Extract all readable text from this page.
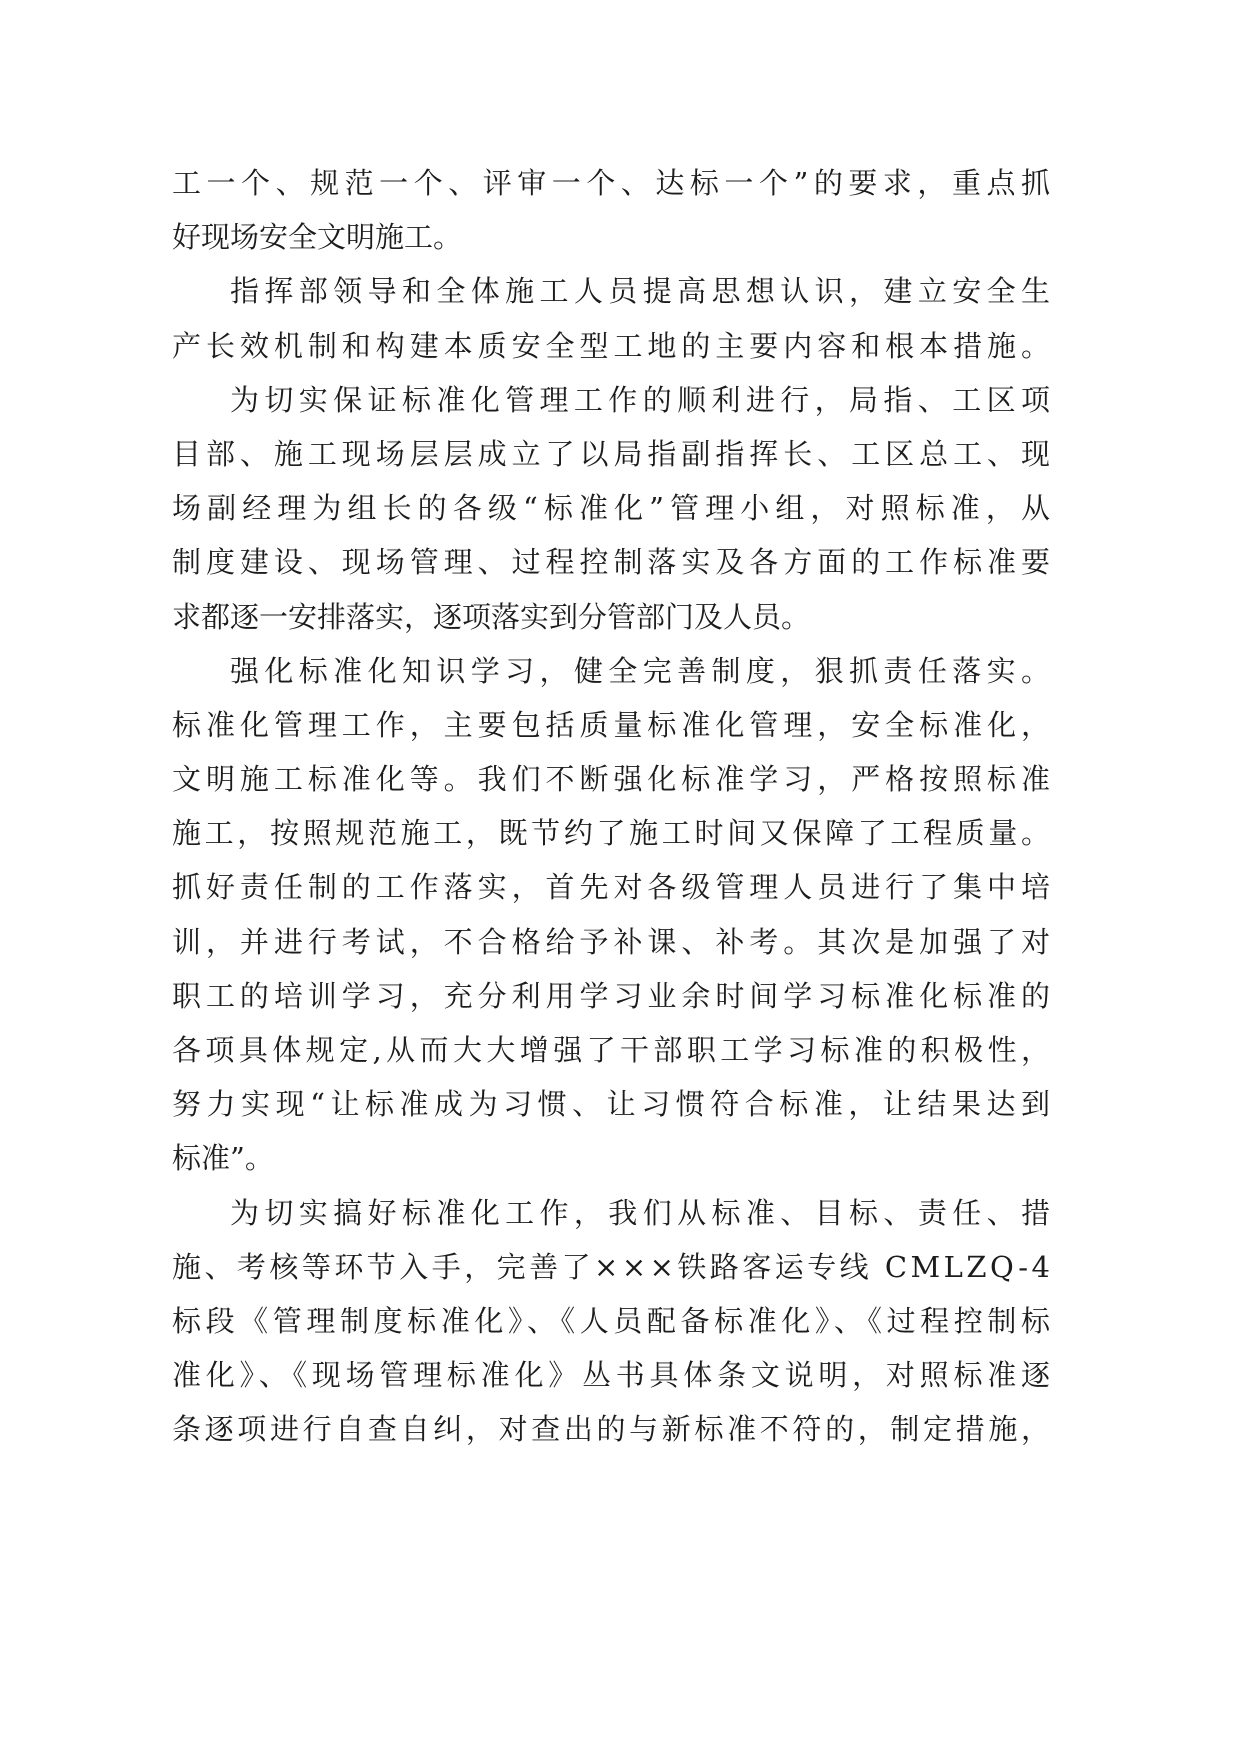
工一个、规范一个、评审一个、达标一个”的要求，重点抓
好现场安全文明施工。
指挥部领导和全体施工人员提高思想认识，建立安全生
产长效机制和构建本质安全型工地的主要内容和根本措施。
为切实保证标准化管理工作的顺利进行，局指、工区项
目部、施工现场层层成立了以局指副指挥长、工区总工、现
场副经理为组长的各级“标准化”管理小组，对照标准，从
制度建设、现场管理、过程控制落实及各方面的工作标准要
求都逐一安排落实，逐项落实到分管部门及人员。
强化标准化知识学习，健全完善制度，狠抓责任落实。
标准化管理工作，主要包括质量标准化管理，安全标准化，
文明施工标准化等。我们不断强化标准学习，严格按照标准
施工，按照规范施工，既节约了施工时间又保障了工程质量。
抓好责任制的工作落实，首先对各级管理人员进行了集中培
训，并进行考试，不合格给予补课、补考。其次是加强了对
职工的培训学习，充分利用学习业余时间学习标准化标准的
各项具体规定,从而大大增强了干部职工学习标准的积极性，
努力实现“让标准成为习惯、让习惯符合标准，让结果达到
标准”。
为切实搞好标准化工作，我们从标准、目标、责任、措
施、考核等环节入手，完善了×××铁路客运专线 CMLZQ-4
标段《管理制度标准化》、《人员配备标准化》、《过程控制标
准化》、《现场管理标准化》丛书具体条文说明，对照标准逐
条逐项进行自查自纠，对查出的与新标准不符的，制定措施，
